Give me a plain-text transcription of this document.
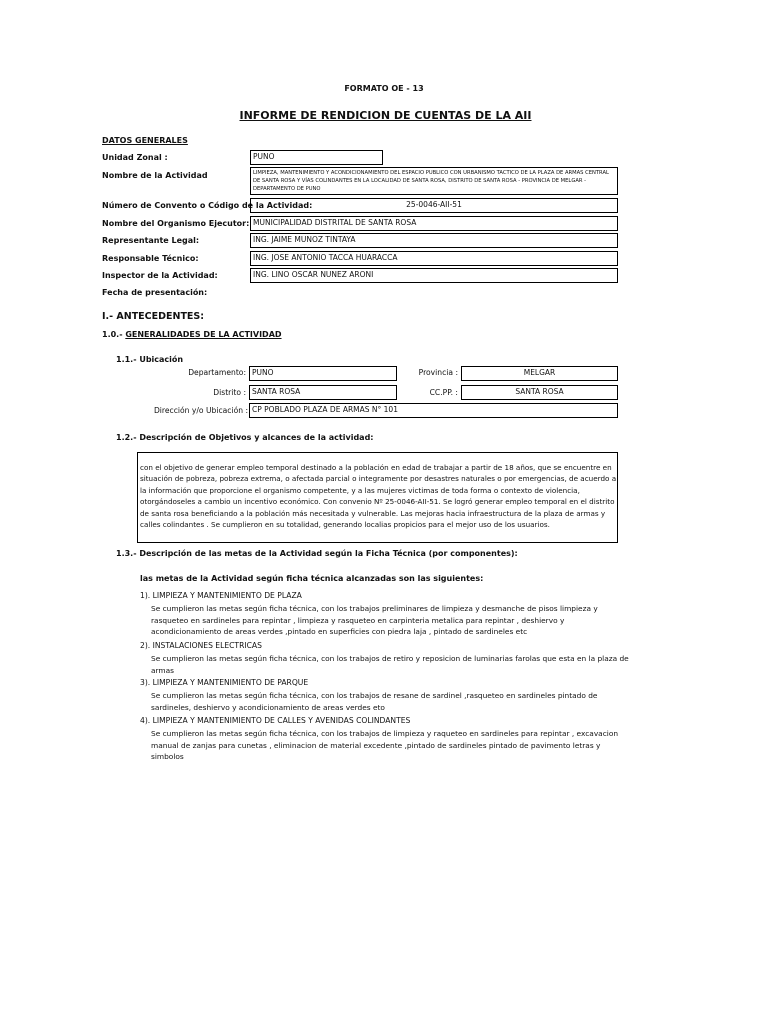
FORMATO OE - 13
INFORME DE RENDICION DE CUENTAS DE LA AII
DATOS GENERALES
Unidad Zonal :	PUNO
Nombre de la Actividad	LIMPIEZA, MANTENIMIENTO Y ACONDICIONAMIENTO DEL ESPACIO PUBLICO CON URBANISMO TACTICO DE LA PLAZA DE ARMAS CENTRAL
DE SANTA ROSA Y VÍAS COLINDANTES EN LA LOCALIDAD DE SANTA ROSA, DISTRITO DE SANTA ROSA - PROVINCIA DE MELGAR -
DEPARTAMENTO DE PUNO
Número de Convento o Código de la Actividad:	25-0046-AII-51
Nombre del Organismo Ejecutor: MUNICIPALIDAD DISTRITAL DE SANTA ROSA
Representante Legal:	ING. JAIME MUNOZ TINTAYA
Responsable Técnico:	ING. JOSE ANTONIO TACCA HUARACCA
Inspector de la Actividad:	ING. LINO OSCAR NUNEZ ARONI
Fecha de presentación:
I.- ANTECEDENTES:
1.0.- GENERALIDADES DE LA ACTIVIDAD
1.1.- Ubicación
Departamento: PUNO	Provincia :	MELGAR
Distrito : SANTA ROSA	CC.PP. :	SANTA ROSA
Dirección y/o Ubicación : CP POBLADO PLAZA DE ARMAS N° 101
1.2.- Descripción de Objetivos y alcances de la actividad:
con el objetivo de generar empleo temporal destinado a la población en edad de trabajar a partir de 18 años, que se encuentre en
situación de pobreza, pobreza extrema, o afectada parcial o integramente por desastres naturales o por emergencias, de acuerdo a
la información que proporcione el organismo competente, y a las mujeres victimas de toda forma o contexto de violencia,
otorgándoseles a cambio un incentivo económico. Con convenio Nº 25-0046-AII-51. Se logró generar empleo temporal en el distrito
de santa rosa beneficiando a la población más necesitada y vulnerable. Las mejoras hacia infraestructura de la plaza de armas y
calles colindantes . Se cumplieron en su totalidad, generando localias propicios para el mejor uso de los usuarios.
1.3.- Descripción de las metas de la Actividad según la Ficha Técnica (por componentes):
las metas de la Actividad según ficha técnica alcanzadas son las siguientes:
1). LIMPIEZA Y MANTENIMIENTO DE PLAZA
Se cumplieron las metas según ficha técnica, con los trabajos preliminares de limpieza y desmanche de pisos limpieza y
rasqueteo en sardineles para repintar , limpieza y rasqueteo en carpinteria metalica para repintar , deshiervo y
acondicionamiento de areas verdes ,pintado en superficies con piedra laja , pintado de sardineles etc
2). INSTALACIONES ELECTRICAS
Se cumplieron las metas según ficha técnica, con los trabajos de retiro y reposicion de luminarias farolas que esta en la plaza de
armas
3). LIMPIEZA Y MANTENIMIENTO DE PARQUE
Se cumplieron las metas según ficha técnica, con los trabajos de resane de sardinel ,rasqueteo en sardineles pintado de
sardineles, deshiervo y acondicionamiento de areas verdes eto
4). LIMPIEZA Y MANTENIMIENTO DE CALLES Y AVENIDAS COLINDANTES
Se cumplieron las metas según ficha técnica, con los trabajos de limpieza y raqueteo en sardineles para repintar , excavacion
manual de zanjas para cunetas , eliminacion de material excedente ,pintado de sardineles pintado de pavimento letras y
simbolos
